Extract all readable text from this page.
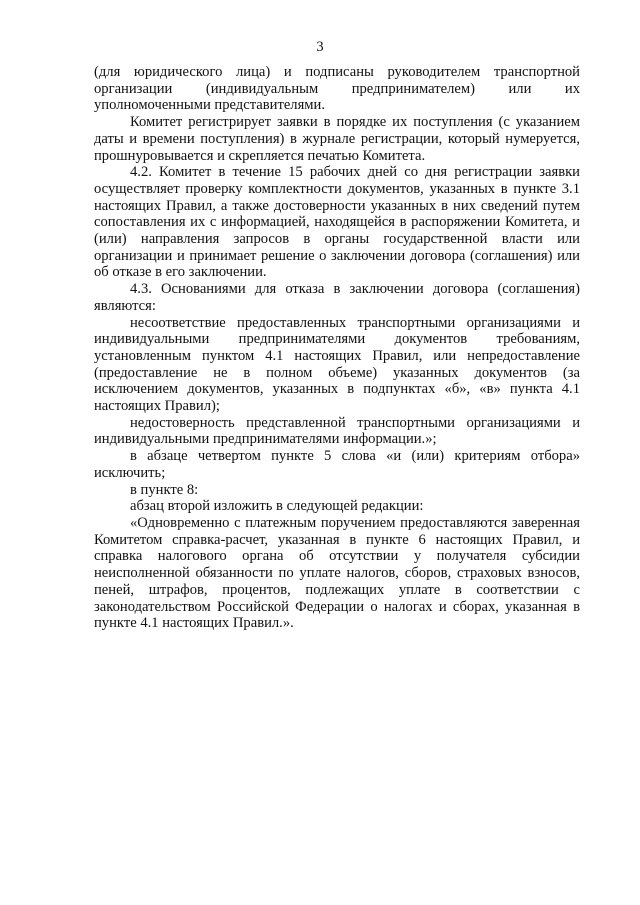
3

(для юридического лица) и подписаны руководителем транспортной организации (индивидуальным предпринимателем) или их уполномоченными представителями.

Комитет регистрирует заявки в порядке их поступления (с указанием даты и времени поступления) в журнале регистрации, который нумеруется, прошнуровывается и скрепляется печатью Комитета.

4.2. Комитет в течение 15 рабочих дней со дня регистрации заявки осуществляет проверку комплектности документов, указанных в пункте 3.1 настоящих Правил, а также достоверности указанных в них сведений путем сопоставления их с информацией, находящейся в распоряжении Комитета, и (или) направления запросов в органы государственной власти или организации и принимает решение о заключении договора (соглашения) или об отказе в его заключении.

4.3. Основаниями для отказа в заключении договора (соглашения) являются:

несоответствие предоставленных транспортными организациями и индивидуальными предпринимателями документов требованиям, установленным пунктом 4.1 настоящих Правил, или непредоставление (предоставление не в полном объеме) указанных документов (за исключением документов, указанных в подпунктах «б», «в» пункта 4.1 настоящих Правил);

недостоверность представленной транспортными организациями и индивидуальными предпринимателями информации.»;

в абзаце четвертом пункте 5 слова «и (или) критериям отбора» исключить;

в пункте 8:

абзац второй изложить в следующей редакции:

«Одновременно с платежным поручением предоставляются заверенная Комитетом справка-расчет, указанная в пункте 6 настоящих Правил, и справка налогового органа об отсутствии у получателя субсидии неисполненной обязанности по уплате налогов, сборов, страховых взносов, пеней, штрафов, процентов, подлежащих уплате в соответствии с законодательством Российской Федерации о налогах и сборах, указанная в пункте 4.1 настоящих Правил.».
